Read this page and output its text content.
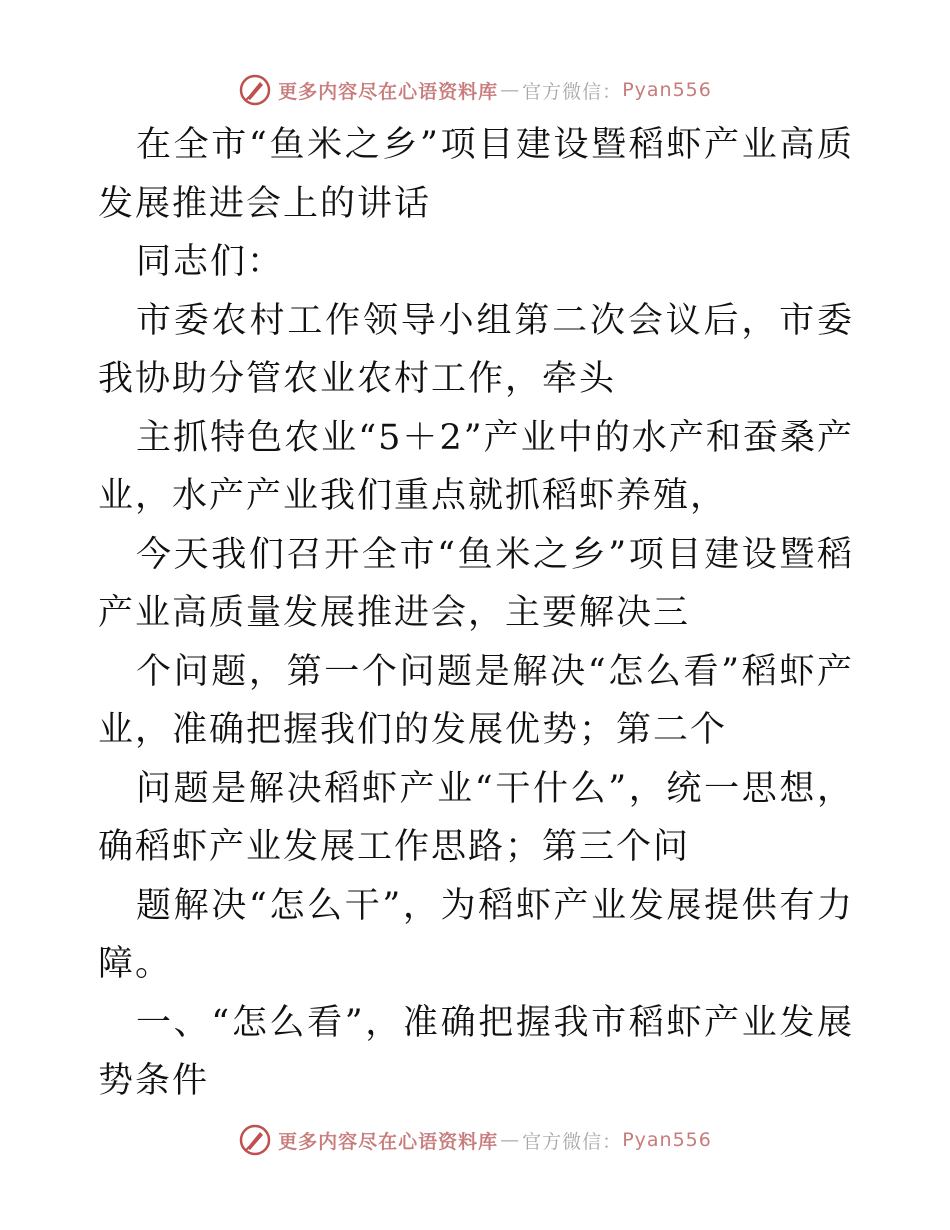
更多内容尽在心语资料库 — 官方微信： Pyan556
在全市“鱼米之乡”项目建设暨稻虾产业高质
发展推进会上的讲话
同志们：
市委农村工作领导小组第二次会议后，市委
我协助分管农业农村工作，牵头
主抓特色农业“5＋2”产业中的水产和蚕桑产
业，水产产业我们重点就抓稻虾养殖，
今天我们召开全市“鱼米之乡”项目建设暨稻
产业高质量发展推进会，主要解决三
个问题，第一个问题是解决“怎么看”稻虾产
业，准确把握我们的发展优势；第二个
问题是解决稻虾产业“干什么”，统一思想，
确稻虾产业发展工作思路；第三个问
题解决“怎么干”，为稻虾产业发展提供有力
障。
一、“怎么看”，准确把握我市稻虾产业发展
势条件
更多内容尽在心语资料库 — 官方微信： Pyan556
